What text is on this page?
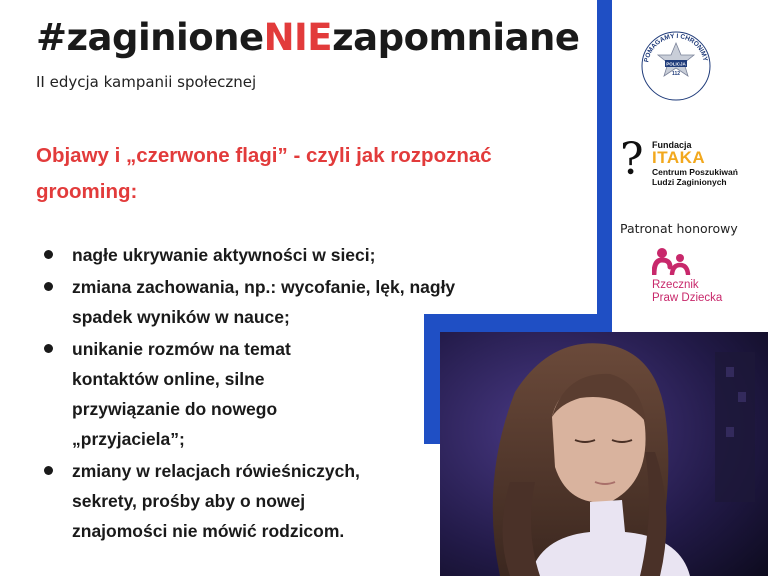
#zaginioneNIEzapomniane
II edycja kampanii społecznej
Objawy i „czerwone flagi” - czyli jak rozpoznać
grooming:
nagłe ukrywanie aktywności w sieci;
zmiana zachowania, np.: wycofanie, lęk, nagły
spadek wyników w nauce;
unikanie rozmów na temat
kontaktów online, silne
przywiązanie do nowego
„przyjaciela”;
zmiany w relacjach rówieśniczych,
sekrety, prośby aby o nowej
znajomości nie mówić rodzicom.
POMAGAMY I CHRONIMY
POLICJA
112
? Fundacja
ITAKA
Centrum Poszukiwań
Ludzi Zaginionych
Patronat honorowy
Rzecznik
Praw Dziecka
